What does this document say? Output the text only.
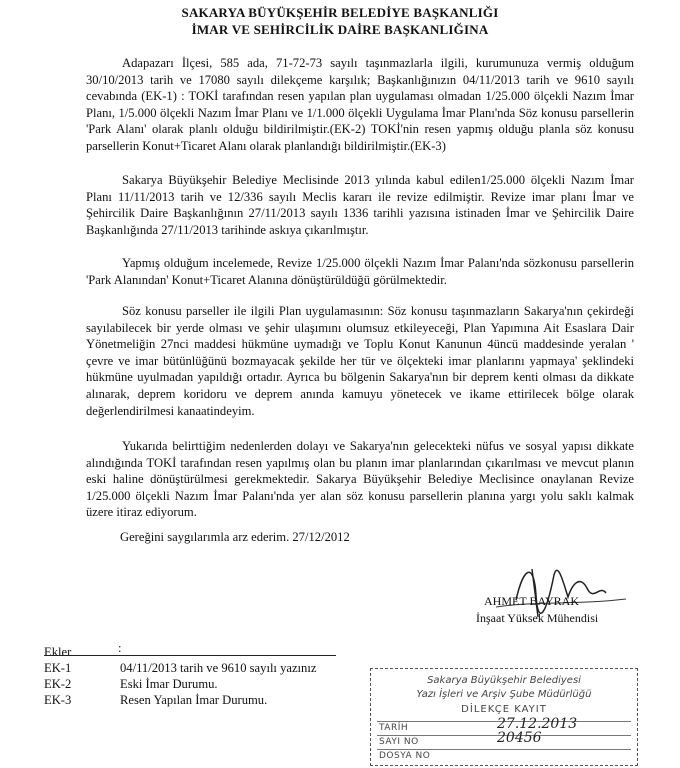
SAKARYA BÜYÜKŞEHİR BELEDİYE BAŞKANLIĞI
İMAR VE SEHİRCİLİK DAİRE BAŞKANLIĞINA

Adapazarı İlçesi, 585 ada, 71-72-73 sayılı taşınmazlarla ilgili, kurumunuza vermiş olduğum 30/10/2013 tarih ve 17080 sayılı dilekçeme karşılık; Başkanlığınızın 04/11/2013 tarih ve 9610 sayılı cevabında (EK-1) : TOKİ tarafından resen yapılan plan uygulaması olmadan 1/25.000 ölçekli Nazım İmar Planı, 1/5.000 ölçekli Nazım İmar Planı ve 1/1.000 ölçekli Uygulama İmar Planı'nda Söz konusu parsellerin 'Park Alanı' olarak planlı olduğu bildirilmiştir.(EK-2) TOKİ'nin resen yapmış olduğu planla söz konusu parsellerin Konut+Ticaret Alanı olarak planlandığı bildirilmiştir.(EK-3)

Sakarya Büyükşehir Belediye Meclisinde 2013 yılında kabul edilen1/25.000 ölçekli Nazım İmar Planı 11/11/2013 tarih ve 12/336 sayılı Meclis kararı ile revize edilmiştir. Revize imar planı İmar ve Şehircilik Daire Başkanlığının 27/11/2013 sayılı 1336 tarihli yazısına istinaden İmar ve Şehircilik Daire Başkanlığında 27/11/2013 tarihinde askıya çıkarılmıştır.

Yapmış olduğum incelemede, Revize 1/25.000 ölçekli Nazım İmar Palanı'nda sözkonusu parsellerin 'Park Alanından' Konut+Ticaret Alanına dönüştürüldüğü görülmektedir.

Söz konusu parseller ile ilgili Plan uygulamasının: Söz konusu taşınmazların Sakarya'nın çekirdeği sayılabilecek bir yerde olması ve şehir ulaşımını olumsuz etkileyeceği, Plan Yapımına Ait Esaslara Dair Yönetmeliğin 27nci maddesi hükmüne uymadığı ve Toplu Konut Kanunun 4üncü maddesinde yeralan ' çevre ve imar bütünlüğünü bozmayacak şekilde her tür ve ölçekteki imar planlarını yapmaya' şeklindeki hükmüne uyulmadan yapıldığı ortadır. Ayrıca bu bölgenin Sakarya'nın bir deprem kenti olması da dikkate alınarak, deprem koridoru ve deprem anında kamuyu yönetecek ve ikame ettirilecek bölge olarak değerlendirilmesi kanaatindeyim.

Yukarıda belirttiğim nedenlerden dolayı ve Sakarya'nın gelecekteki nüfus ve sosyal yapısı dikkate alındığında TOKİ tarafından resen yapılmış olan bu planın imar planlarından çıkarılması ve mevcut planın eski haline dönüştürülmesi gerekmektedir. Sakarya Büyükşehir Belediye Meclisince onaylanan Revize 1/25.000 ölçekli Nazım İmar Palanı'nda yer alan söz konusu parsellerin planına yargı yolu saklı kalmak üzere itiraz ediyorum.

Gereğini saygılarımla arz ederim. 27/12/2012
AHMET BAYRAK
İnşaat Yüksek Mühendisi
Ekler	:
EK-1	04/11/2013 tarih ve 9610 sayılı yazınız
EK-2	Eski İmar Durumu.
EK-3	Resen Yapılan İmar Durumu.
Sakarya Büyükşehir Belediyesi
Yazı İşleri ve Arşiv Şube Müdürlüğü
DİLEKÇE KAYIT
TARİH	27.12.2013
SAYI NO	20456
DOSYA NO
